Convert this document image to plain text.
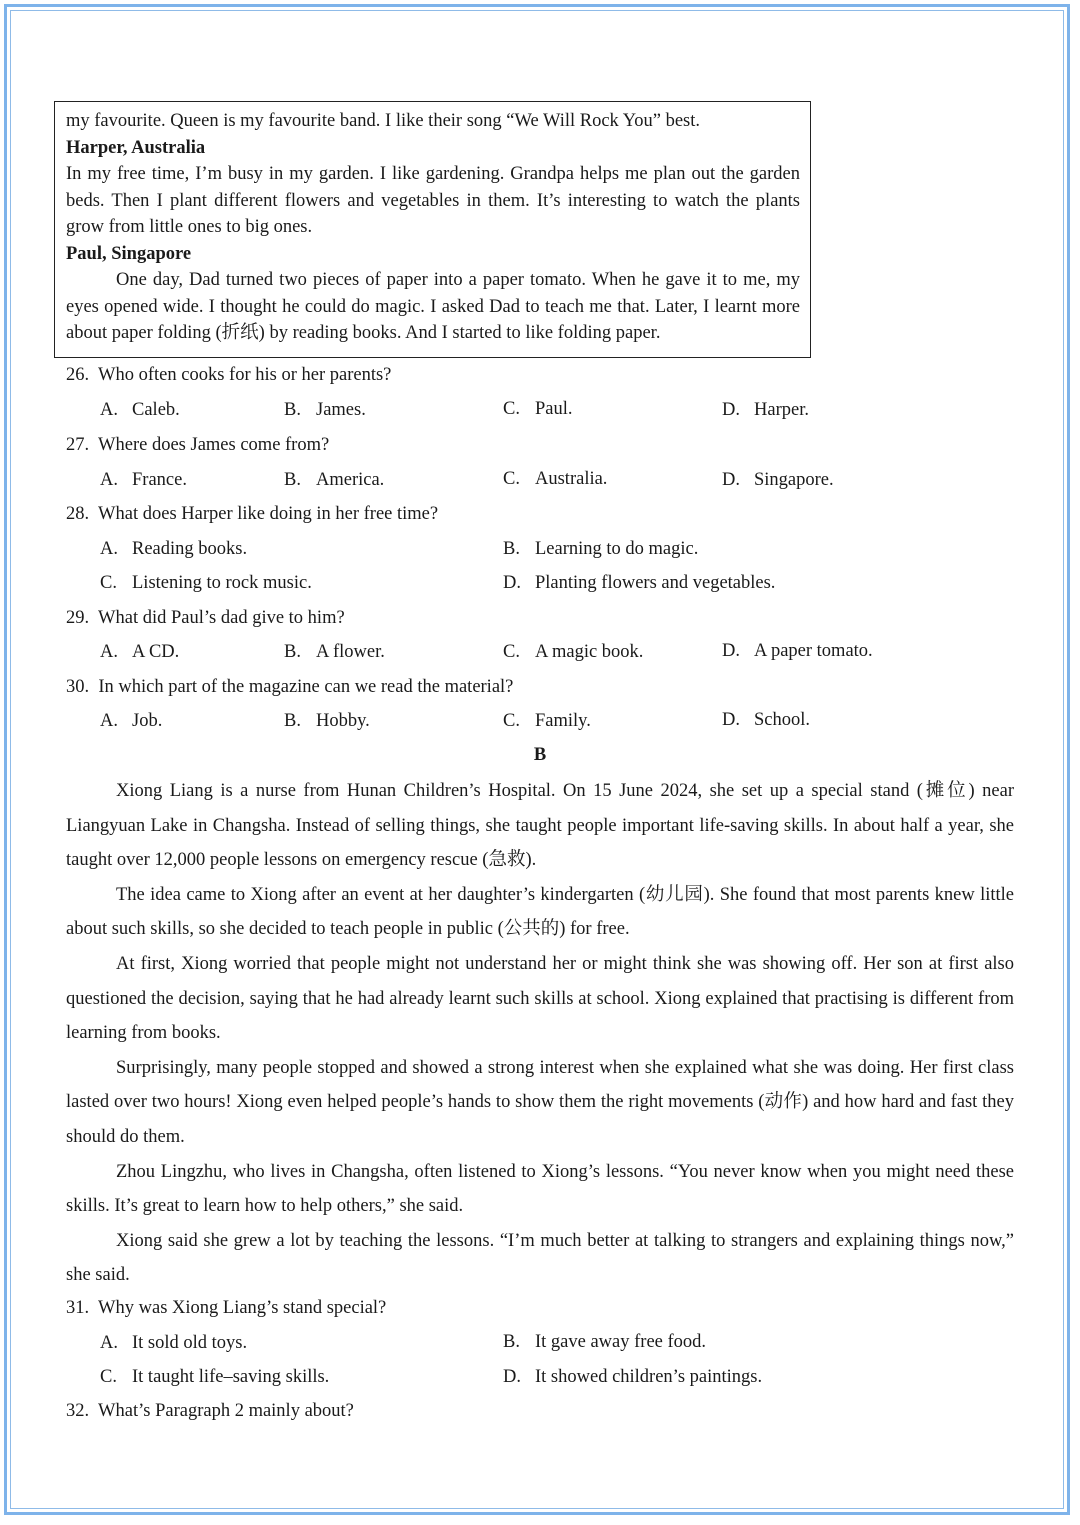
my favourite. Queen is my favourite band. I like their song “We Will Rock You” best.

Harper, Australia

In my free time, I’m busy in my garden. I like gardening. Grandpa helps me plan out the garden beds. Then I plant different flowers and vegetables in them. It’s interesting to watch the plants grow from little ones to big ones.

Paul, Singapore

One day, Dad turned two pieces of paper into a paper tomato. When he gave it to me, my eyes opened wide. I thought he could do magic. I asked Dad to teach me that. Later, I learnt more about paper folding (折纸) by reading books. And I started to like folding paper.

26. Who often cooks for his or her parents?
A. Caleb.	B. James.	C. Paul.	D. Harper.
27. Where does James come from?
A. France.	B. America.	C. Australia.	D. Singapore.
28. What does Harper like doing in her free time?
A. Reading books.	B. Learning to do magic.
C. Listening to rock music.	D. Planting flowers and vegetables.
29. What did Paul’s dad give to him?
A. A CD.	B. A flower.	C. A magic book.	D. A paper tomato.
30. In which part of the magazine can we read the material?
A. Job.	B. Hobby.	C. Family.	D. School.
B

Xiong Liang is a nurse from Hunan Children’s Hospital. On 15 June 2024, she set up a special stand (摊位) near Liangyuan Lake in Changsha. Instead of selling things, she taught people important life-saving skills. In about half a year, she taught over 12,000 people lessons on emergency rescue (急救).

The idea came to Xiong after an event at her daughter’s kindergarten (幼儿园). She found that most parents knew little about such skills, so she decided to teach people in public (公共的) for free.

At first, Xiong worried that people might not understand her or might think she was showing off. Her son at first also questioned the decision, saying that he had already learnt such skills at school. Xiong explained that practising is different from learning from books.

Surprisingly, many people stopped and showed a strong interest when she explained what she was doing. Her first class lasted over two hours! Xiong even helped people’s hands to show them the right movements (动作) and how hard and fast they should do them.

Zhou Lingzhu, who lives in Changsha, often listened to Xiong’s lessons. “You never know when you might need these skills. It’s great to learn how to help others,” she said.

Xiong said she grew a lot by teaching the lessons. “I’m much better at talking to strangers and explaining things now,” she said.

31. Why was Xiong Liang’s stand special?
A. It sold old toys.	B. It gave away free food.
C. It taught life–saving skills.	D. It showed children’s paintings.
32. What’s Paragraph 2 mainly about?
